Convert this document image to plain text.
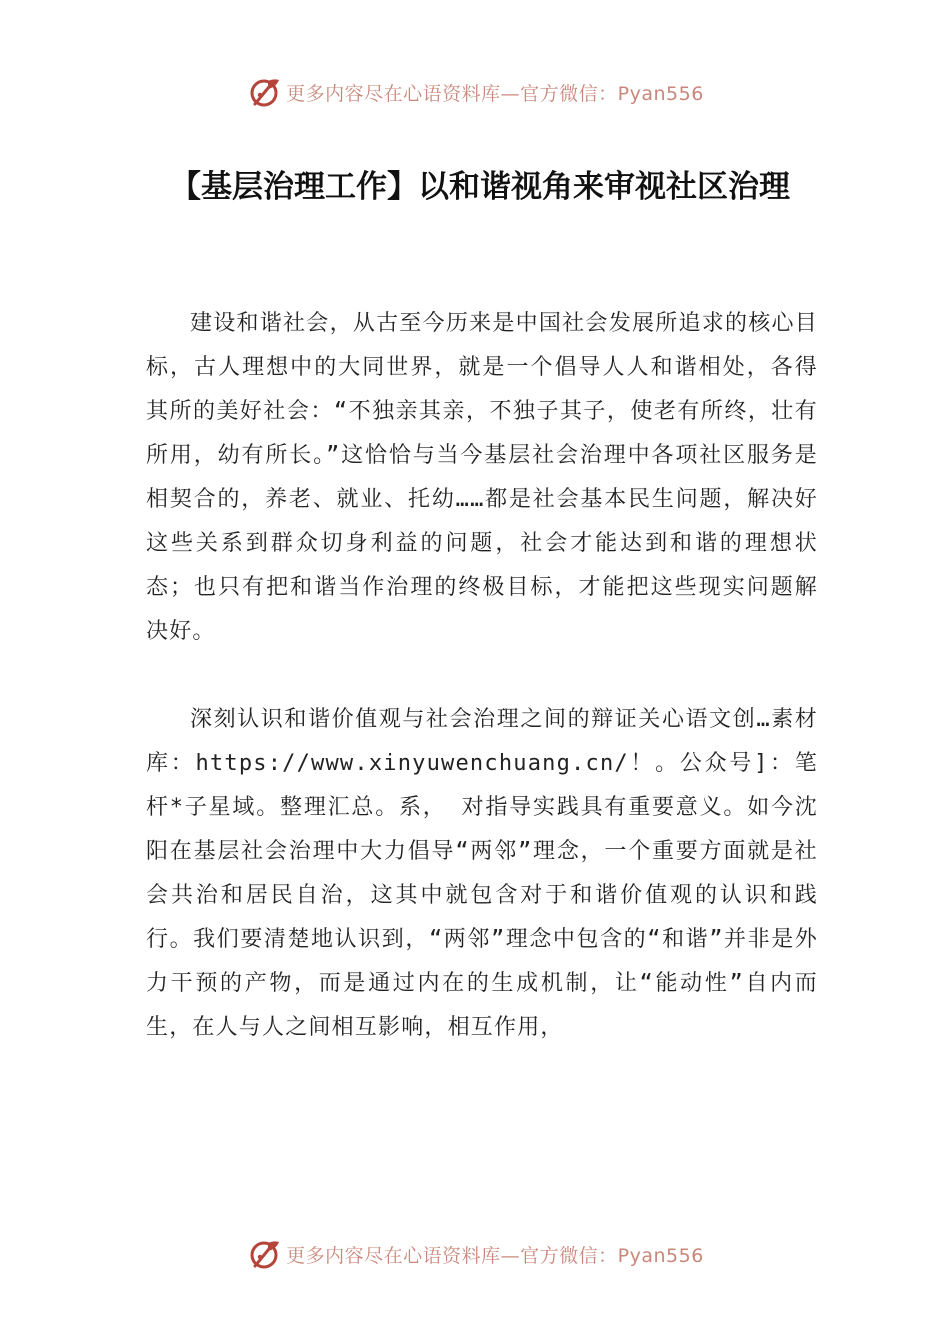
更多内容尽在心语资料库—官方微信：Pyan556
【基层治理工作】以和谐视角来审视社区治理

建设和谐社会，从古至今历来是中国社会发展所追求的核心目标，古人理想中的大同世界，就是一个倡导人人和谐相处，各得其所的美好社会：“不独亲其亲，不独子其子，使老有所终，壮有所用，幼有所长。”这恰恰与当今基层社会治理中各项社区服务是相契合的，养老、就业、托幼……都是社会基本民生问题，解决好这些关系到群众切身利益的问题，社会才能达到和谐的理想状态；也只有把和谐当作治理的终极目标，才能把这些现实问题解决好。

深刻认识和谐价值观与社会治理之间的辩证关心语文创…素材库：https://www.xinyuwenchuang.cn/！。公众号]：笔杆*子星域。整理汇总。系， 对指导实践具有重要意义。如今沈阳在基层社会治理中大力倡导“两邻”理念，一个重要方面就是社会共治和居民自治，这其中就包含对于和谐价值观的认识和践行。我们要清楚地认识到，“两邻”理念中包含的“和谐”并非是外力干预的产物，而是通过内在的生成机制，让“能动性”自内而生，在人与人之间相互影响，相互作用，

更多内容尽在心语资料库—官方微信：Pyan556
